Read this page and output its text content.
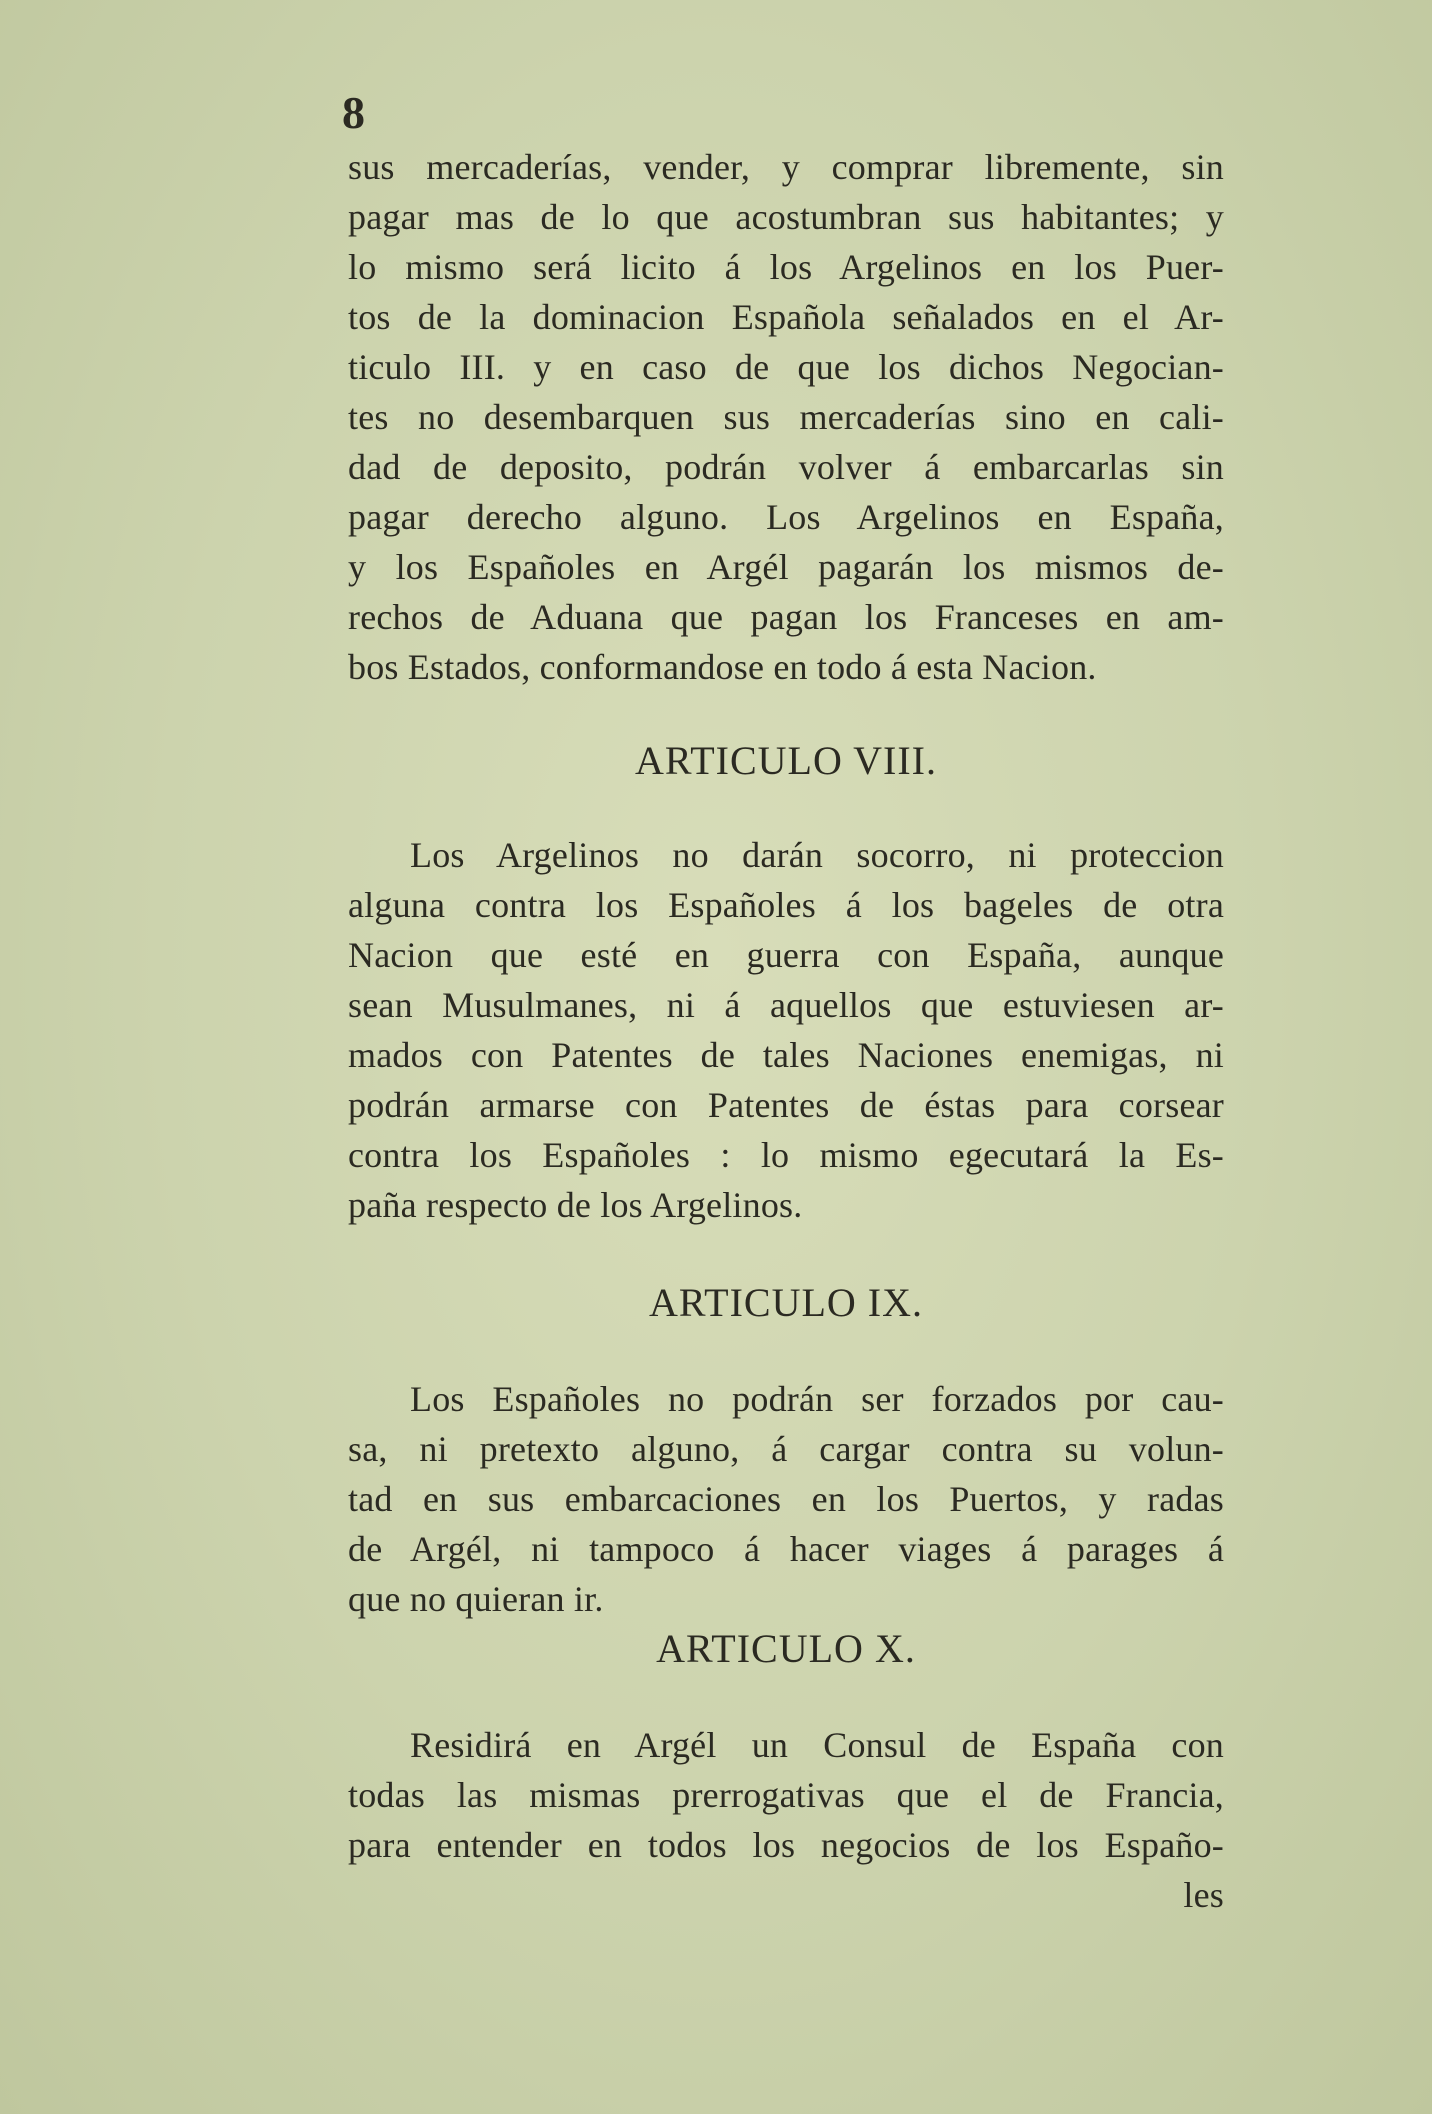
8
sus mercaderías, vender, y comprar libremente, sin
pagar mas de lo que acostumbran sus habitantes; y
lo mismo será licito á los Argelinos en los Puer-
tos de la dominacion Española señalados en el Ar-
ticulo III. y en caso de que los dichos Negocian-
tes no desembarquen sus mercaderías sino en cali-
dad de deposito, podrán volver á embarcarlas sin
pagar derecho alguno. Los Argelinos en España,
y los Españoles en Argél pagarán los mismos de-
rechos de Aduana que pagan los Franceses en am-
bos Estados, conformandose en todo á esta Nacion.
ARTICULO VIII.
Los Argelinos no darán socorro, ni proteccion
alguna contra los Españoles á los bageles de otra
Nacion que esté en guerra con España, aunque
sean Musulmanes, ni á aquellos que estuviesen ar-
mados con Patentes de tales Naciones enemigas, ni
podrán armarse con Patentes de éstas para corsear
contra los Españoles : lo mismo egecutará la Es-
paña respecto de los Argelinos.
ARTICULO IX.
Los Españoles no podrán ser forzados por cau-
sa, ni pretexto alguno, á cargar contra su volun-
tad en sus embarcaciones en los Puertos, y radas
de Argél, ni tampoco á hacer viages á parages á
que no quieran ir.
ARTICULO X.
Residirá en Argél un Consul de España con
todas las mismas prerrogativas que el de Francia,
para entender en todos los negocios de los Españo-
les
